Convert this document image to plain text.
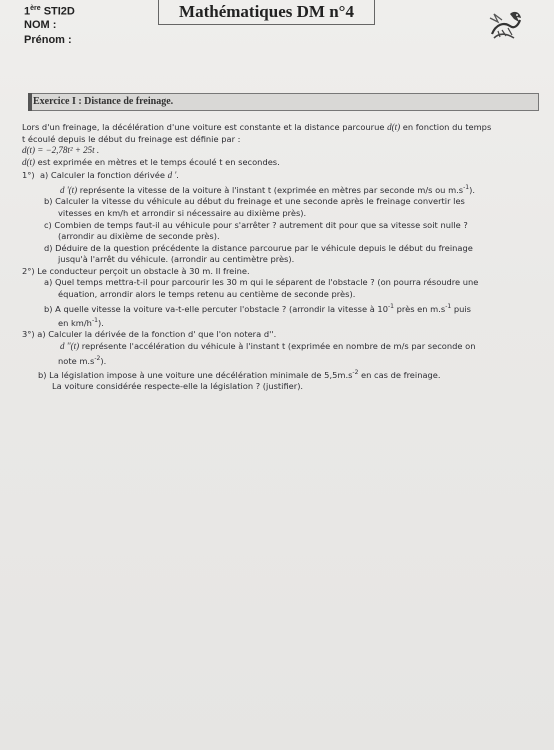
1ère STI2D
NOM :
Prénom :
Mathématiques DM n°4
Exercice I : Distance de freinage.

Lors d'un freinage, la décélération d'une voiture est constante et la distance parcourue d(t) en fonction du temps

t écoulé depuis le début du freinage est définie par :

d(t) = −2,78t² + 25t .

d(t) est exprimée en mètres et le temps écoulé t en secondes.

1°) a) Calculer la fonction dérivée d '.

d '(t) représente la vitesse de la voiture à l'instant t (exprimée en mètres par seconde m/s ou $m.s^{-1}$).

b) Calculer la vitesse du véhicule au début du freinage et une seconde après le freinage convertir les

vitesses en km/h et arrondir si nécessaire au dixième près).

c) Combien de temps faut-il au véhicule pour s'arrêter ? autrement dit pour que sa vitesse soit nulle ?

(arrondir au dixième de seconde près).

d) Déduire de la question précédente la distance parcourue par le véhicule depuis le début du freinage

jusqu'à l'arrêt du véhicule. (arrondir au centimètre près).

2°) Le conducteur perçoit un obstacle à 30 m. Il freine.

a) Quel temps mettra-t-il pour parcourir les 30 m qui le séparent de l'obstacle ? (on pourra résoudre une

équation, arrondir alors le temps retenu au centième de seconde près).

b) A quelle vitesse la voiture va-t-elle percuter l'obstacle ? (arrondir la vitesse à $10^{-1}$ près en $m.s^{-1}$ puis

en $km/h^{-1}$).

3°) a) Calculer la dérivée de la fonction d' que l'on notera d''.

d ''(t) représente l'accélération du véhicule à l'instant t (exprimée en nombre de m/s par seconde on

note $m.s^{-2}$).

b) La législation impose à une voiture une décélération minimale de $5,5m.s^{-2}$ en cas de freinage.

La voiture considérée respecte-elle la législation ? (justifier).
